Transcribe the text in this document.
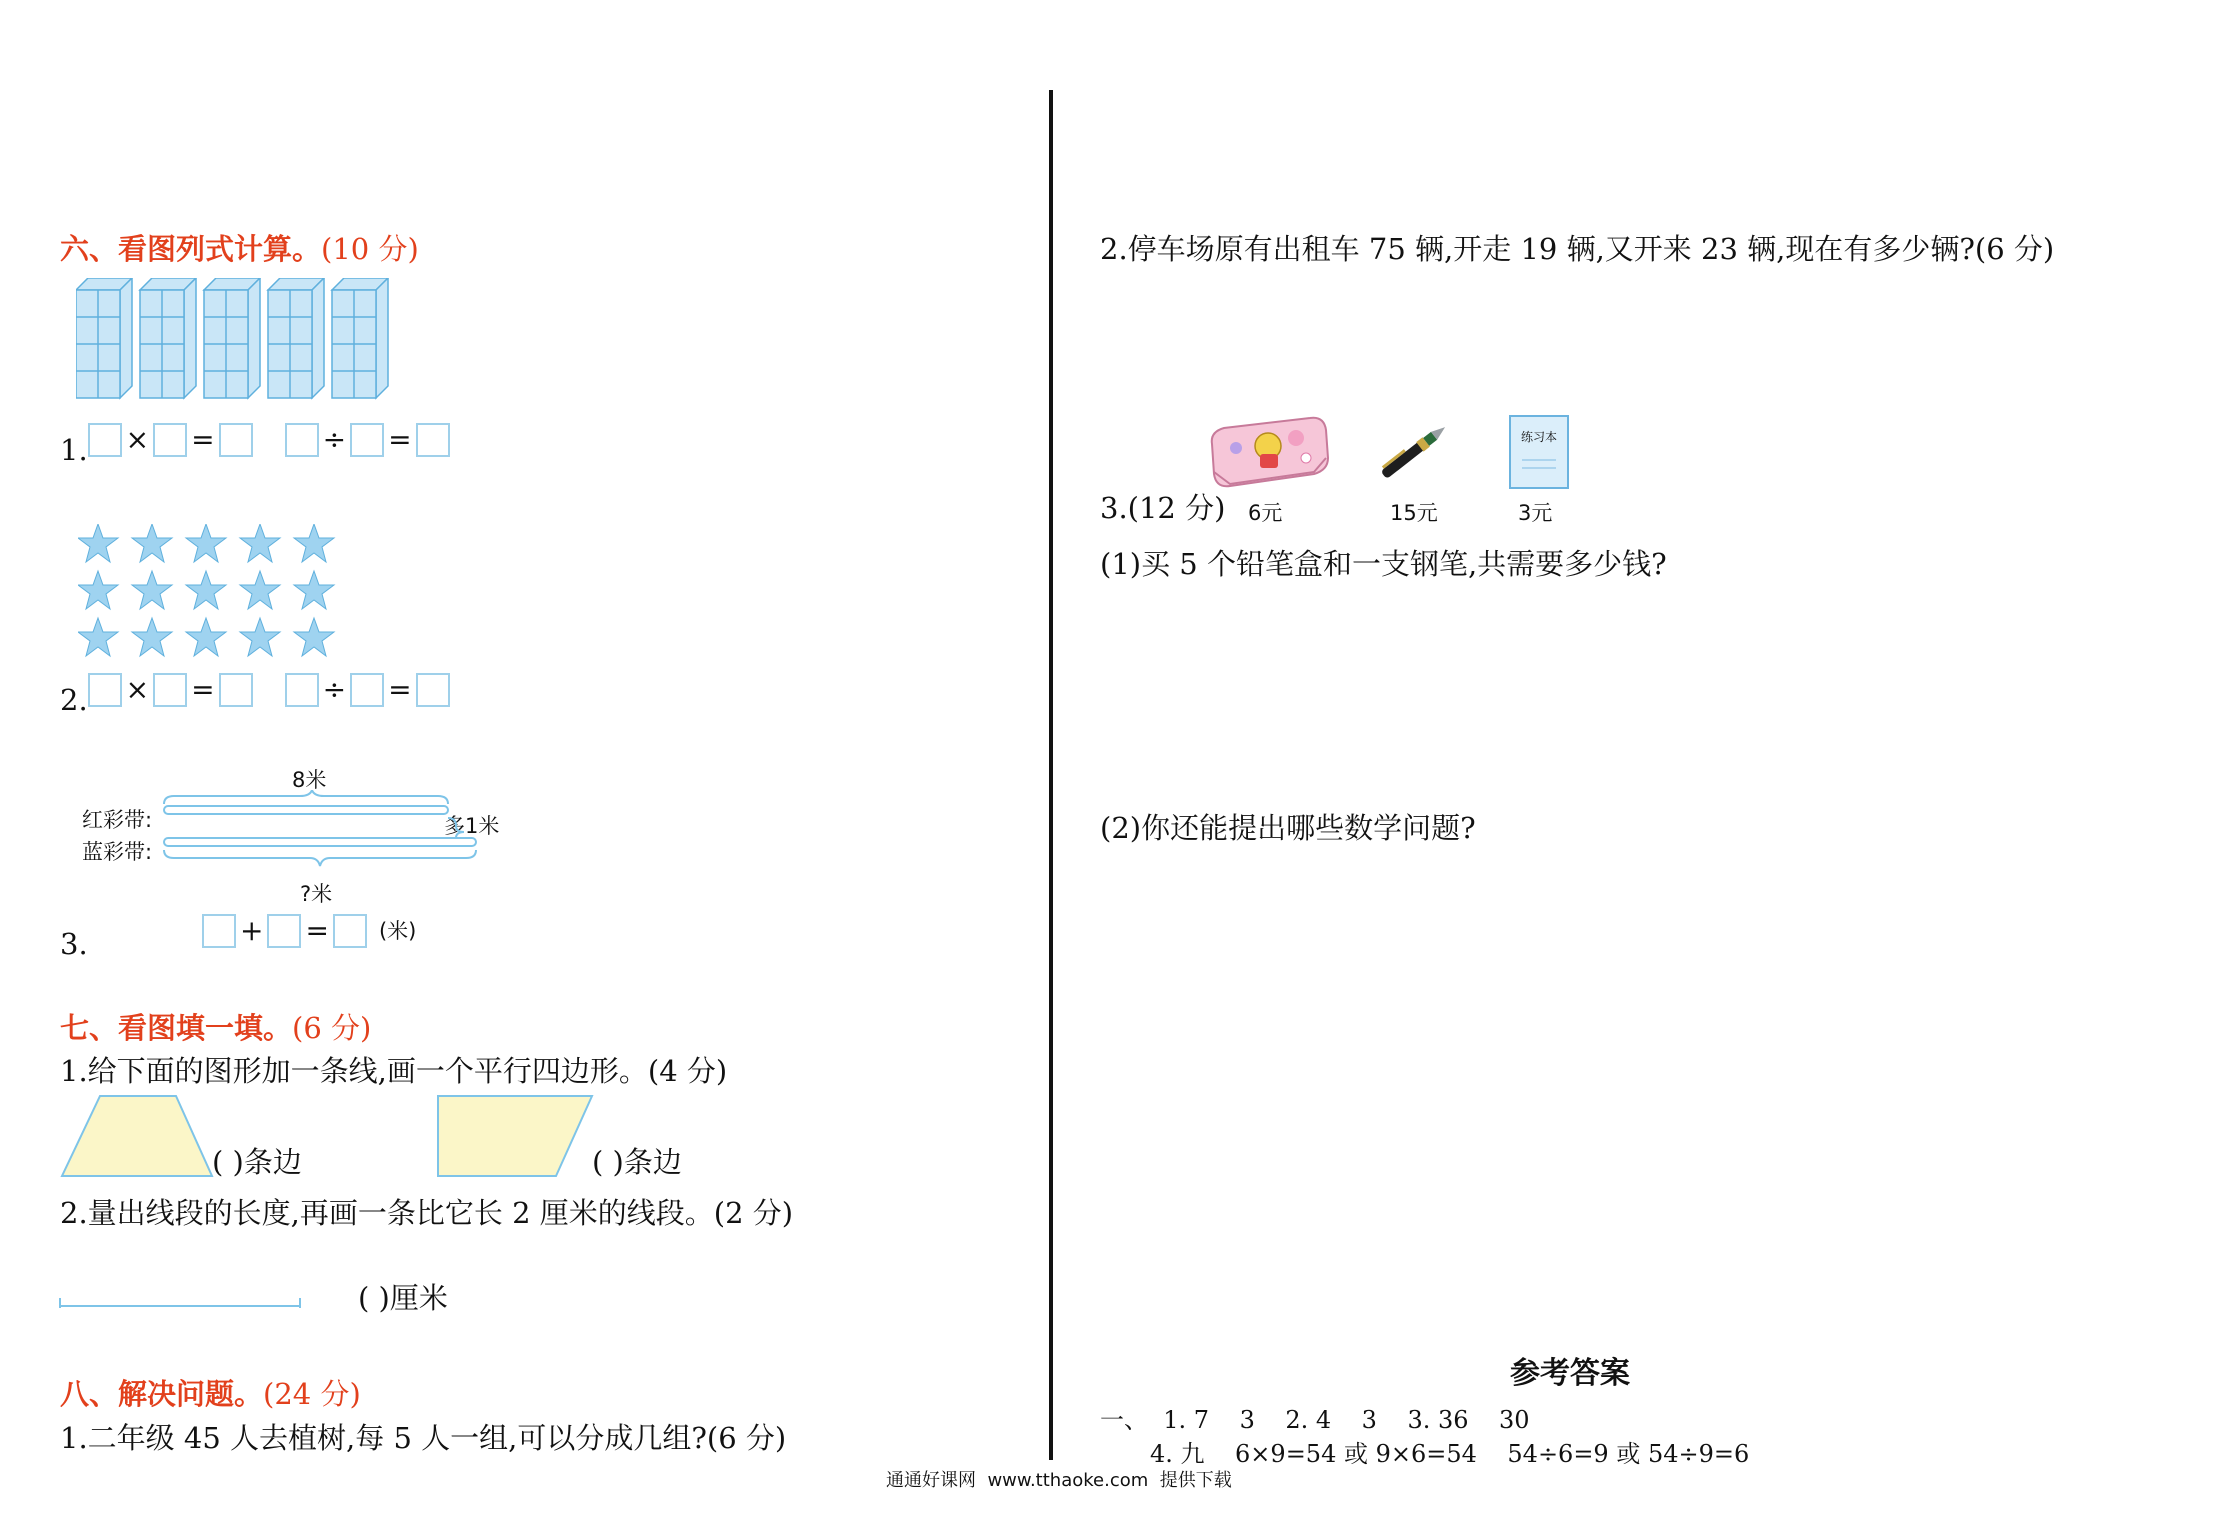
六、看图列式计算。(10 分)
1. × =	÷ =
2. × =	÷ =
8米
红彩带:
蓝彩带:
多1米
?米
3.	+ = (米)
七、看图填一填。(6 分)
1.给下面的图形加一条线,画一个平行四边形。(4 分)
( )条边	( )条边
2.量出线段的长度,再画一条比它长 2 厘米的线段。(2 分)
( )厘米
八、解决问题。(24 分)
1.二年级 45 人去植树,每 5 人一组,可以分成几组?(6 分)
2.停车场原有出租车 75 辆,开走 19 辆,又开来 23 辆,现在有多少辆?(6 分)
3.(12 分) 6元	15元
练习本
3元
(1)买 5 个铅笔盒和一支钢笔,共需要多少钱?
(2)你还能提出哪些数学问题?
参考答案
一、  1. 7    3    2. 4    3    3. 36    30
4. 九    6×9=54 或 9×6=54    54÷6=9 或 54÷9=6
通通好课网  www.tthaoke.com  提供下载
